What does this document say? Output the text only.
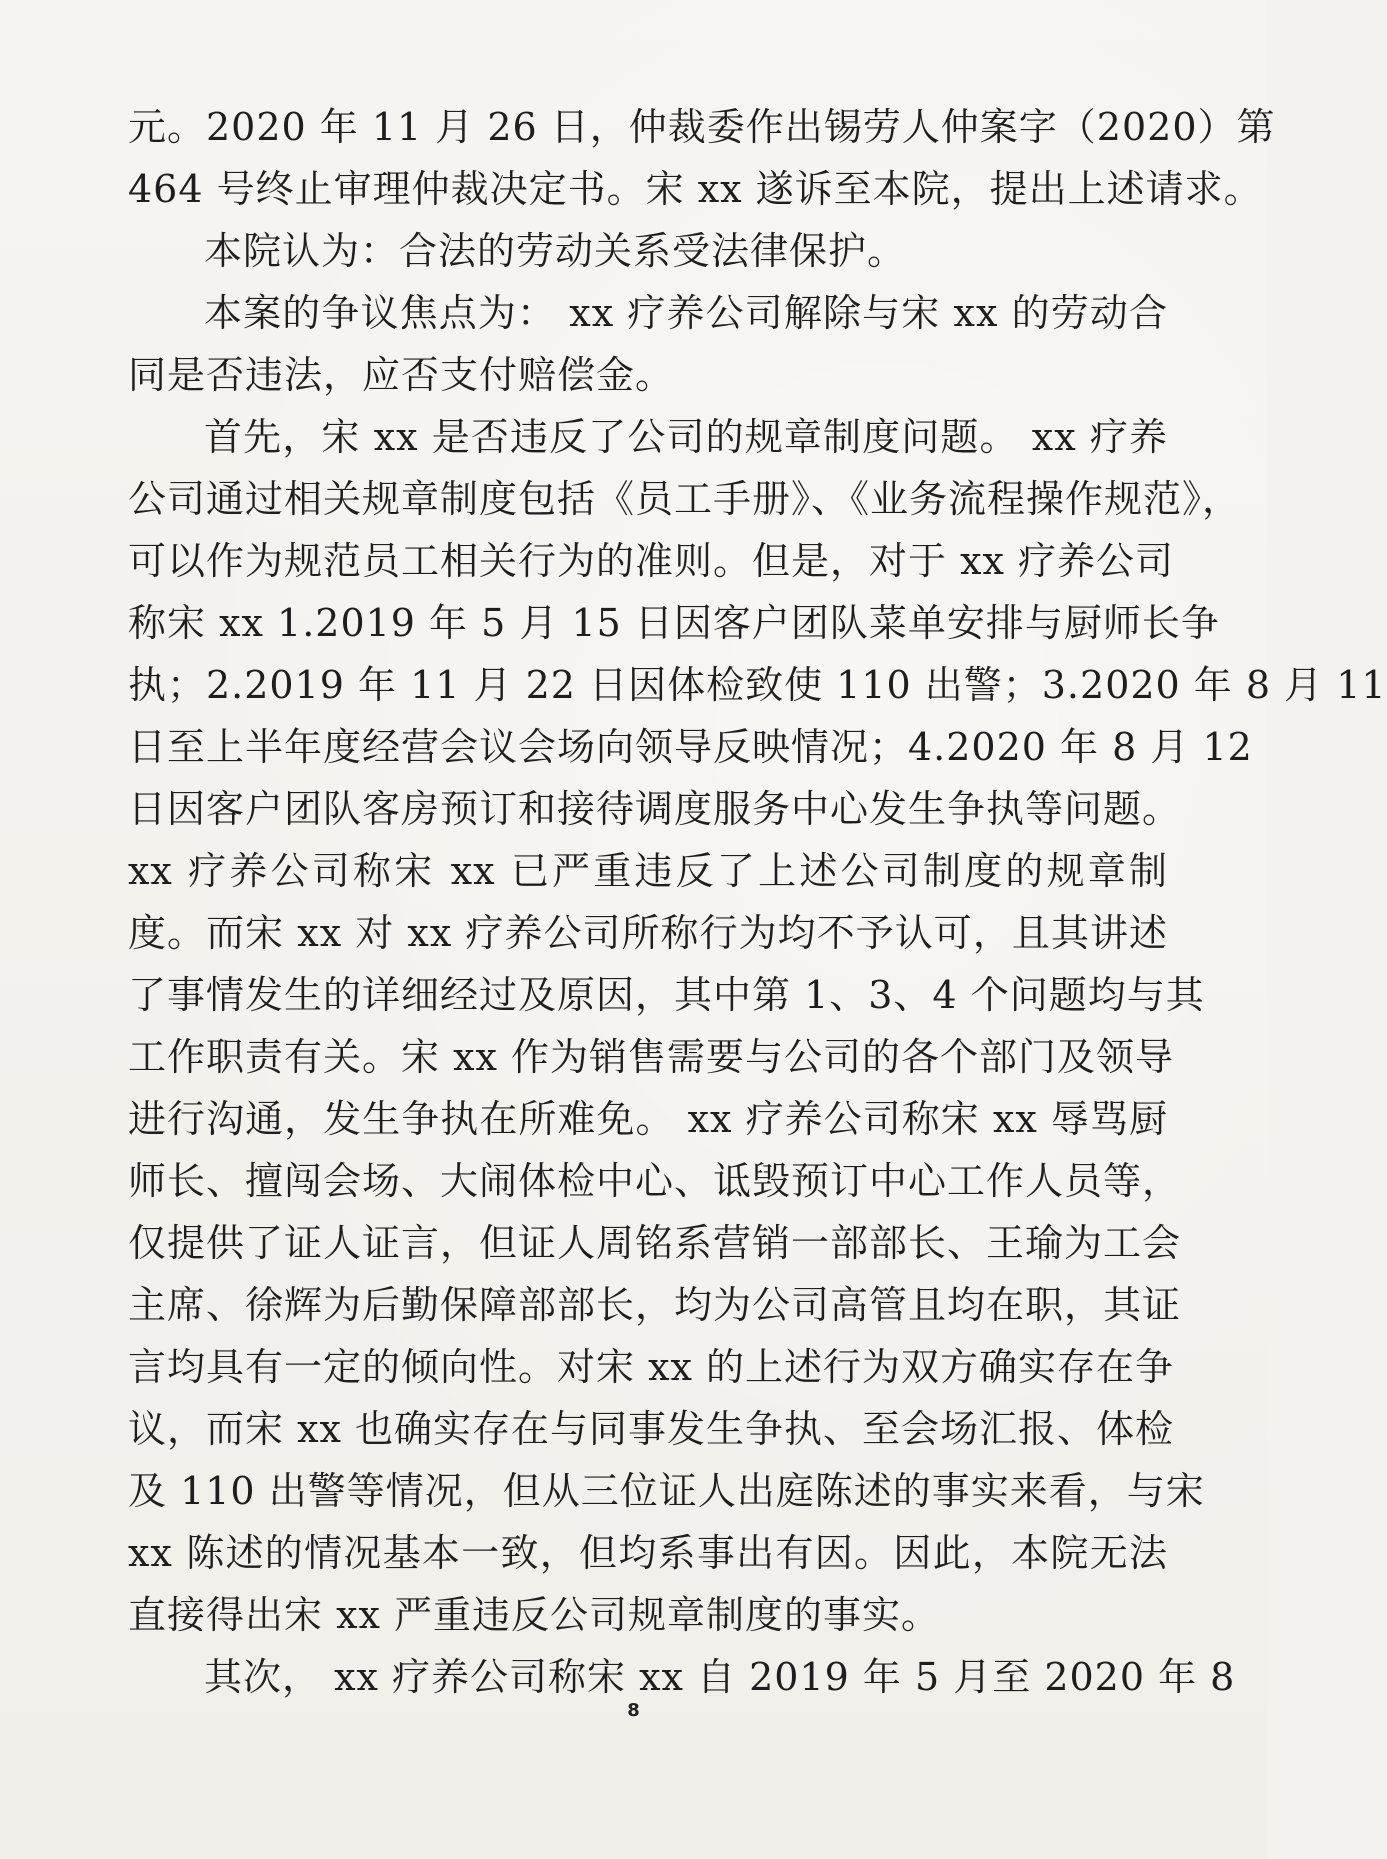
元。2020 年 11 月 26 日，仲裁委作出锡劳人仲案字（2020）第
464 号终止审理仲裁决定书。宋 xx 遂诉至本院，提出上述请求。
本院认为：合法的劳动关系受法律保护。
本案的争议焦点为： xx 疗养公司解除与宋 xx 的劳动合
同是否违法，应否支付赔偿金。
首先，宋 xx 是否违反了公司的规章制度问题。 xx 疗养
公司通过相关规章制度包括《员工手册》、《业务流程操作规范》，
可以作为规范员工相关行为的准则。但是，对于 xx 疗养公司
称宋 xx 1.2019 年 5 月 15 日因客户团队菜单安排与厨师长争
执；2.2019 年 11 月 22 日因体检致使 110 出警；3.2020 年 8 月 11
日至上半年度经营会议会场向领导反映情况；4.2020 年 8 月 12
日因客户团队客房预订和接待调度服务中心发生争执等问题。
xx 疗养公司称宋 xx 已严重违反了上述公司制度的规章制
度。而宋 xx 对 xx 疗养公司所称行为均不予认可，且其讲述
了事情发生的详细经过及原因，其中第 1、3、4 个问题均与其
工作职责有关。宋 xx 作为销售需要与公司的各个部门及领导
进行沟通，发生争执在所难免。 xx 疗养公司称宋 xx 辱骂厨
师长、擅闯会场、大闹体检中心、诋毁预订中心工作人员等，
仅提供了证人证言，但证人周铭系营销一部部长、王瑜为工会
主席、徐辉为后勤保障部部长，均为公司高管且均在职，其证
言均具有一定的倾向性。对宋 xx 的上述行为双方确实存在争
议，而宋 xx 也确实存在与同事发生争执、至会场汇报、体检
及 110 出警等情况，但从三位证人出庭陈述的事实来看，与宋
xx 陈述的情况基本一致，但均系事出有因。因此，本院无法
直接得出宋 xx 严重违反公司规章制度的事实。
其次， xx 疗养公司称宋 xx 自 2019 年 5 月至 2020 年 8
8
